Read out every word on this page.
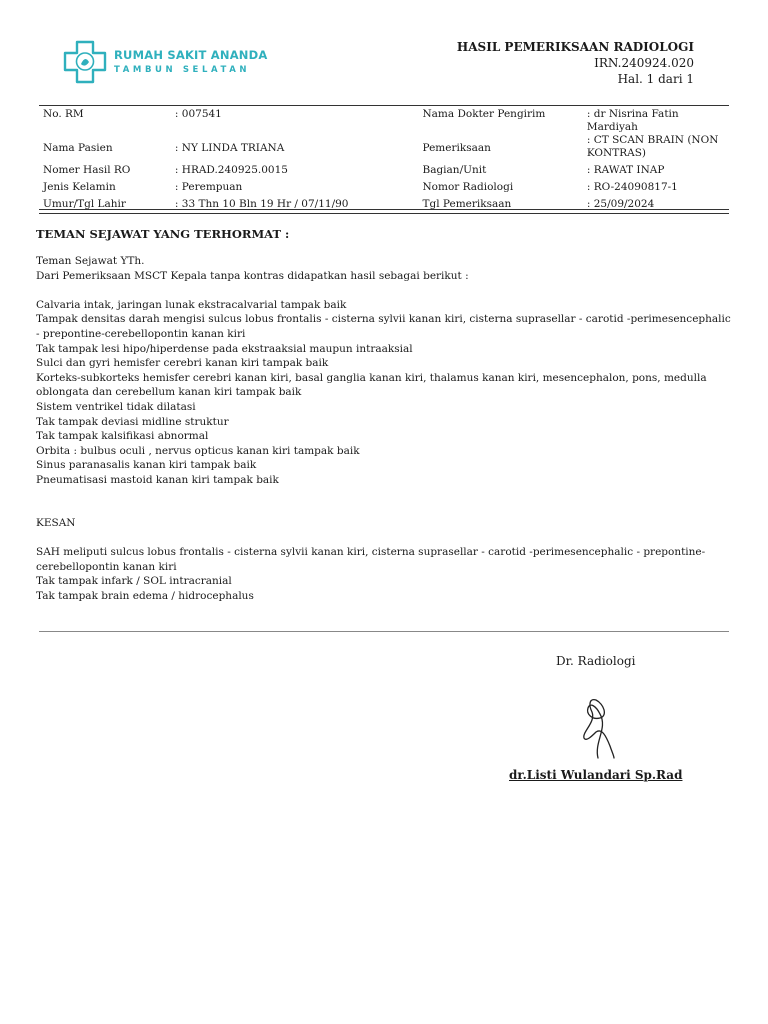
RUMAH SAKIT ANANDA
TAMBUN SELATAN
HASIL PEMERIKSAAN RADIOLOGI
IRN.240924.020
Hal. 1 dari 1
No. RM	: 007541	Nama Dokter Pengirim	: dr Nisrina Fatin Mardiyah
Nama Pasien	: NY LINDA TRIANA	Pemeriksaan	: CT SCAN BRAIN (NON KONTRAS)
Nomer Hasil RO	: HRAD.240925.0015	Bagian/Unit	: RAWAT INAP
Jenis Kelamin	: Perempuan	Nomor Radiologi	: RO-24090817-1
Umur/Tgl Lahir	: 33 Thn 10 Bln 19 Hr / 07/11/90	Tgl Pemeriksaan	: 25/09/2024
TEMAN SEJAWAT YANG TERHORMAT :
Teman Sejawat YTh.
Dari Pemeriksaan MSCT Kepala tanpa kontras didapatkan hasil sebagai berikut :
Calvaria intak, jaringan lunak ekstracalvarial tampak baik
Tampak densitas darah mengisi sulcus lobus frontalis - cisterna sylvii kanan kiri, cisterna suprasellar - carotid -perimesencephalic - prepontine-cerebellopontin kanan kiri
Tak tampak lesi hipo/hiperdense pada ekstraaksial maupun intraaksial
Sulci dan gyri hemisfer cerebri kanan kiri tampak baik
Korteks-subkorteks hemisfer cerebri kanan kiri, basal ganglia kanan kiri, thalamus kanan kiri, mesencephalon, pons, medulla oblongata dan cerebellum kanan kiri tampak baik
Sistem ventrikel tidak dilatasi
Tak tampak deviasi midline struktur
Tak tampak kalsifikasi abnormal
Orbita : bulbus oculi , nervus opticus kanan kiri tampak baik
Sinus paranasalis kanan kiri tampak baik
Pneumatisasi mastoid kanan kiri tampak baik
KESAN
SAH meliputi sulcus lobus frontalis - cisterna sylvii kanan kiri, cisterna suprasellar - carotid -perimesencephalic - prepontine-cerebellopontin kanan kiri
Tak tampak infark / SOL intracranial
Tak tampak brain edema / hidrocephalus
Dr. Radiologi
dr.Listi Wulandari Sp.Rad
